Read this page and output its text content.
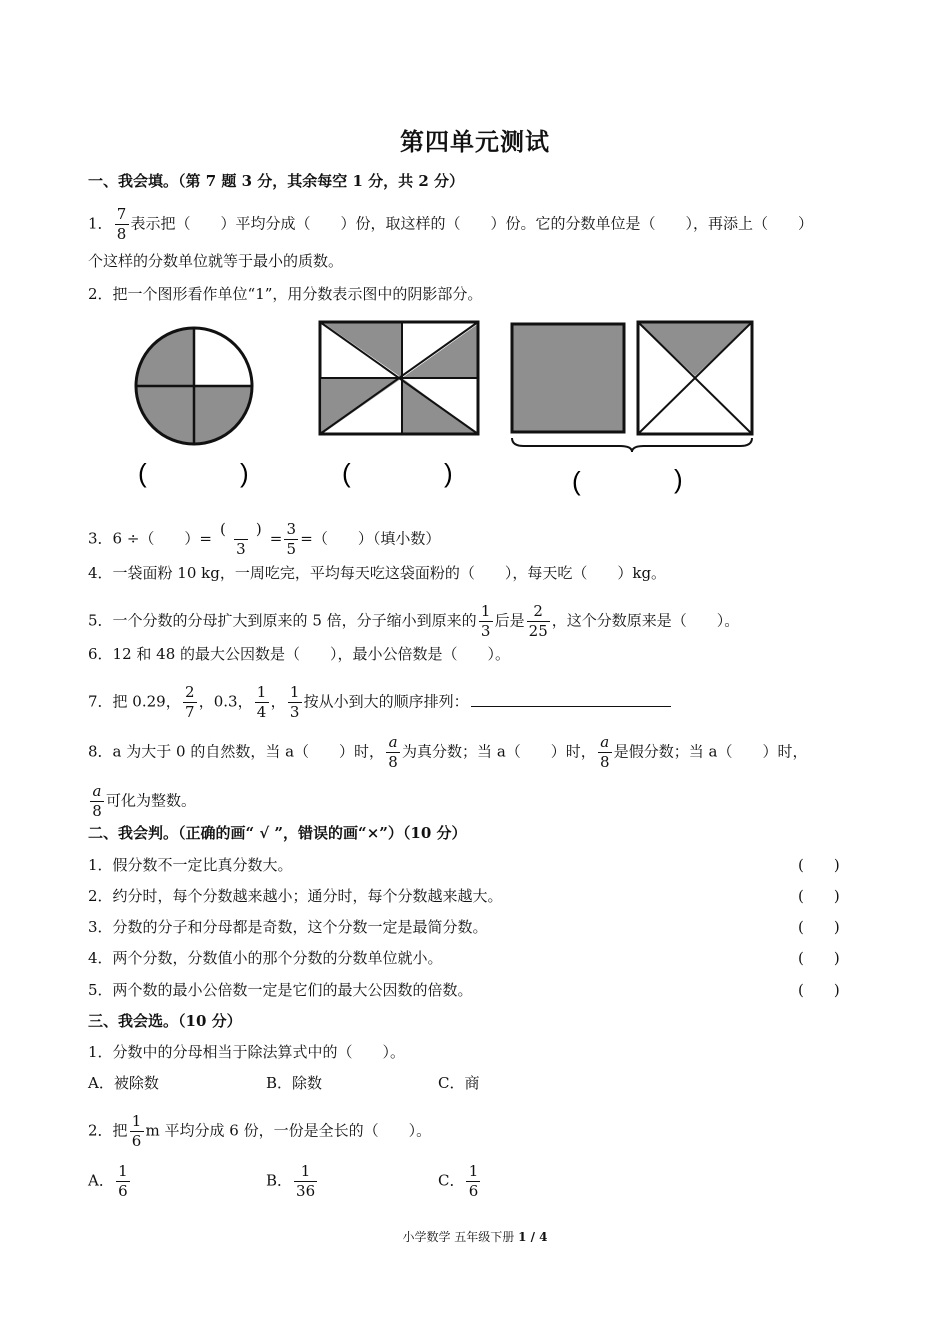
第四单元测试
一、我会填。（第 7 题 3 分，其余每空 1 分，共 2 分）
1． $\frac{7}{8}$ 表示把（　　）平均分成（　　）份，取这样的（　　）份。它的分数单位是（　　），再添上（　　）
个这样的分数单位就等于最小的质数。
2．把一个图形看作单位“1”，用分数表示图中的阴影部分。
(	)	(	)	(	)
3．6 ÷（　　）= $\frac{( )}{3} = \frac{3}{5}$ =（　　）（填小数）
4．一袋面粉 10 kg，一周吃完，平均每天吃这袋面粉的（　　），每天吃（　　）kg。
5．一个分数的分母扩大到原来的 5 倍，分子缩小到原来的 $\frac{1}{3}$ 后是 $\frac{2}{25}$ ，这个分数原来是（　　）。
6．12 和 48 的最大公因数是（　　），最小公倍数是（　　）。
7．把 0.29， $\frac{2}{7}$ ，0.3， $\frac{1}{4}$ ， $\frac{1}{3}$ 按从小到大的顺序排列：
8．a 为大于 0 的自然数，当 a（　　）时， $\frac{a}{8}$ 为真分数；当 a（　　）时， $\frac{a}{8}$ 是假分数；当 a（　　）时，
$\frac{a}{8}$ 可化为整数。
二、我会判。（正确的画“ √ ”，错误的画“×”）（10 分）
1．假分数不一定比真分数大。	(　　)
2．约分时，每个分数越来越小；通分时，每个分数越来越大。	(　　)
3．分数的分子和分母都是奇数，这个分数一定是最简分数。	(　　)
4．两个分数，分数值小的那个分数的分数单位就小。	(　　)
5．两个数的最小公倍数一定是它们的最大公因数的倍数。	(　　)
三、我会选。（10 分）
1．分数中的分母相当于除法算式中的（　　）。
A．被除数	B．除数	C．商
2．把 $\frac{1}{6}$ m 平均分成 6 份，一份是全长的（　　）。
A． $\frac{1}{6}$	B． $\frac{1}{36}$	C． $\frac{1}{6}$
小学数学 五年级下册 1 / 4
